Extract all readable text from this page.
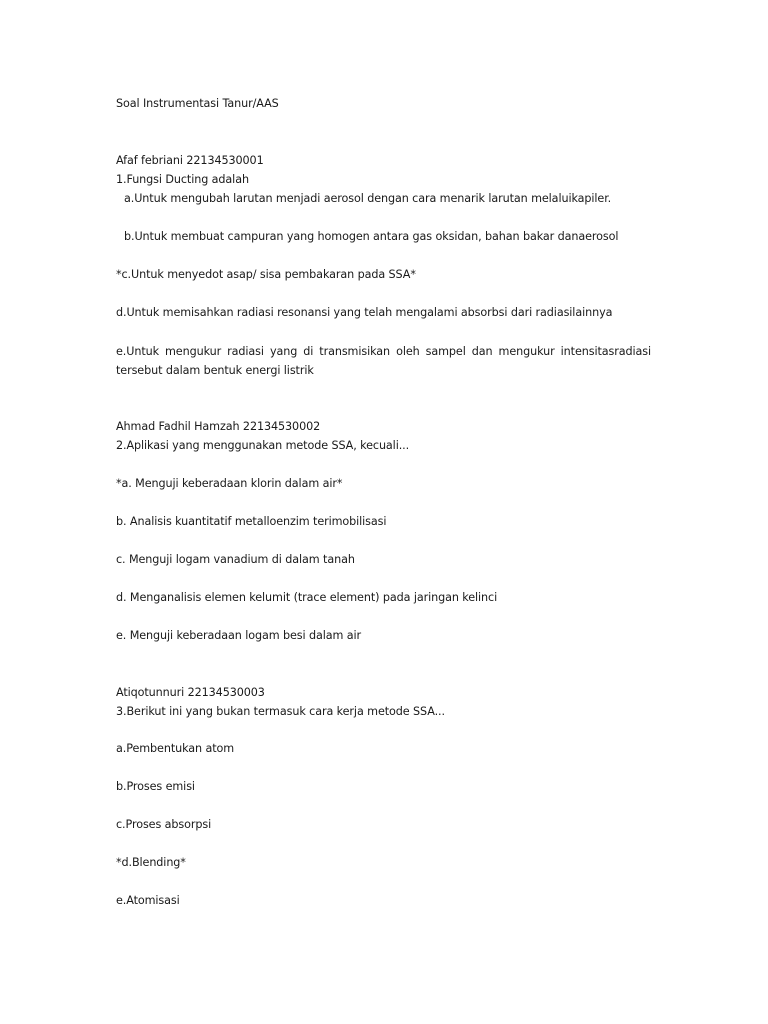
Soal Instrumentasi Tanur/AAS
Afaf febriani 22134530001
1.Fungsi Ducting adalah
a.Untuk mengubah larutan menjadi aerosol dengan cara menarik larutan melaluikapiler.
b.Untuk membuat campuran yang homogen antara gas oksidan, bahan bakar danaerosol
*c.Untuk menyedot asap/ sisa pembakaran pada SSA*
d.Untuk memisahkan radiasi resonansi yang telah mengalami absorbsi dari radiasilainnya
e.Untuk mengukur radiasi yang di transmisikan oleh sampel dan mengukur intensitasradiasi tersebut dalam bentuk energi listrik
Ahmad Fadhil Hamzah 22134530002
2.Aplikasi yang menggunakan metode SSA, kecuali...
*a. Menguji keberadaan klorin dalam air*
b. Analisis kuantitatif metalloenzim terimobilisasi
c. Menguji logam vanadium di dalam tanah
d. Menganalisis elemen kelumit (trace element) pada jaringan kelinci
e. Menguji keberadaan logam besi dalam air
Atiqotunnuri 22134530003
3.Berikut ini yang bukan termasuk cara kerja metode SSA...
a.Pembentukan atom
b.Proses emisi
c.Proses absorpsi
*d.Blending*
e.Atomisasi
